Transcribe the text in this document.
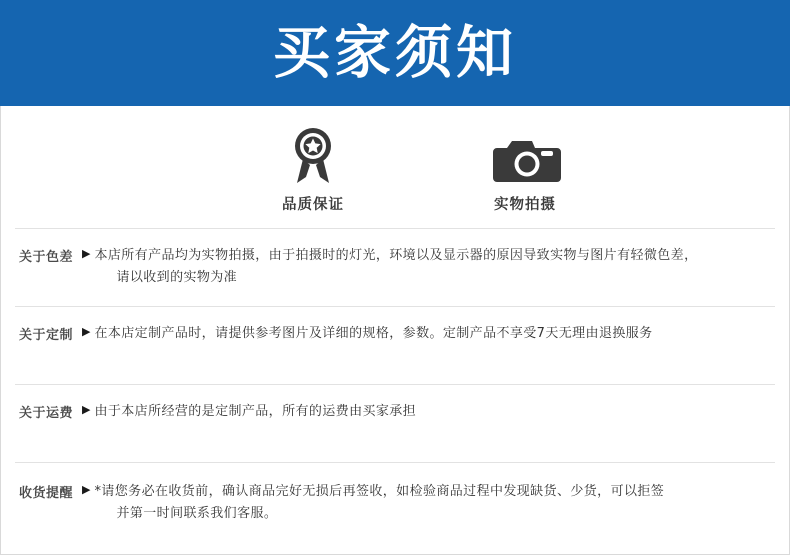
买家须知
品质保证	实物拍摄
关于色差 ▶ 本店所有产品均为实物拍摄，由于拍摄时的灯光，环境以及显示器的原因导致实物与图片有轻微色差，
请以收到的实物为准
关于定制 ▶ 在本店定制产品时，请提供参考图片及详细的规格，参数。定制产品不享受7天无理由退换服务
关于运费 ▶ 由于本店所经营的是定制产品，所有的运费由买家承担
收货提醒 ▶ *请您务必在收货前，确认商品完好无损后再签收，如检验商品过程中发现缺货、少货，可以拒签
并第一时间联系我们客服。
